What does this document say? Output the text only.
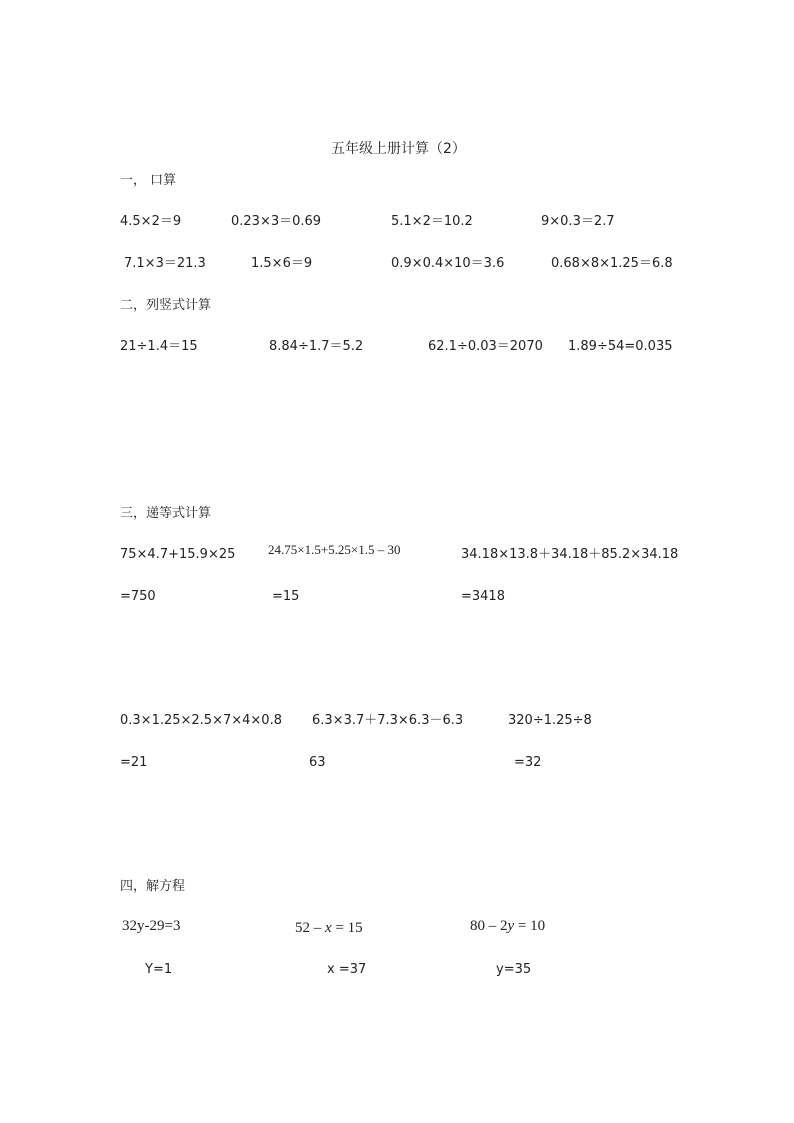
五年级上册计算（2）
一， 口算
4.5×2＝9	0.23×3＝0.69	5.1×2＝10.2	9×0.3＝2.7
7.1×3＝21.3	1.5×6＝9	0.9×0.4×10＝3.6	0.68×8×1.25＝6.8
二，列竖式计算
21÷1.4＝15	8.84÷1.7＝5.2	62.1÷0.03＝2070 1.89÷54=0.035
三，递等式计算
75×4.7+15.9×25	24.75×1.5+5.25×1.5 – 30	34.18×13.8＋34.18＋85.2×34.18
=750	=15	=3418
0.3×1.25×2.5×7×4×0.8 6.3×3.7＋7.3×6.3－6.3	320÷1.25÷8
=21	63	=32
四，解方程
32y-29=3	52 – x = 15	80 – 2y = 10
Y=1	x =37	y=35
